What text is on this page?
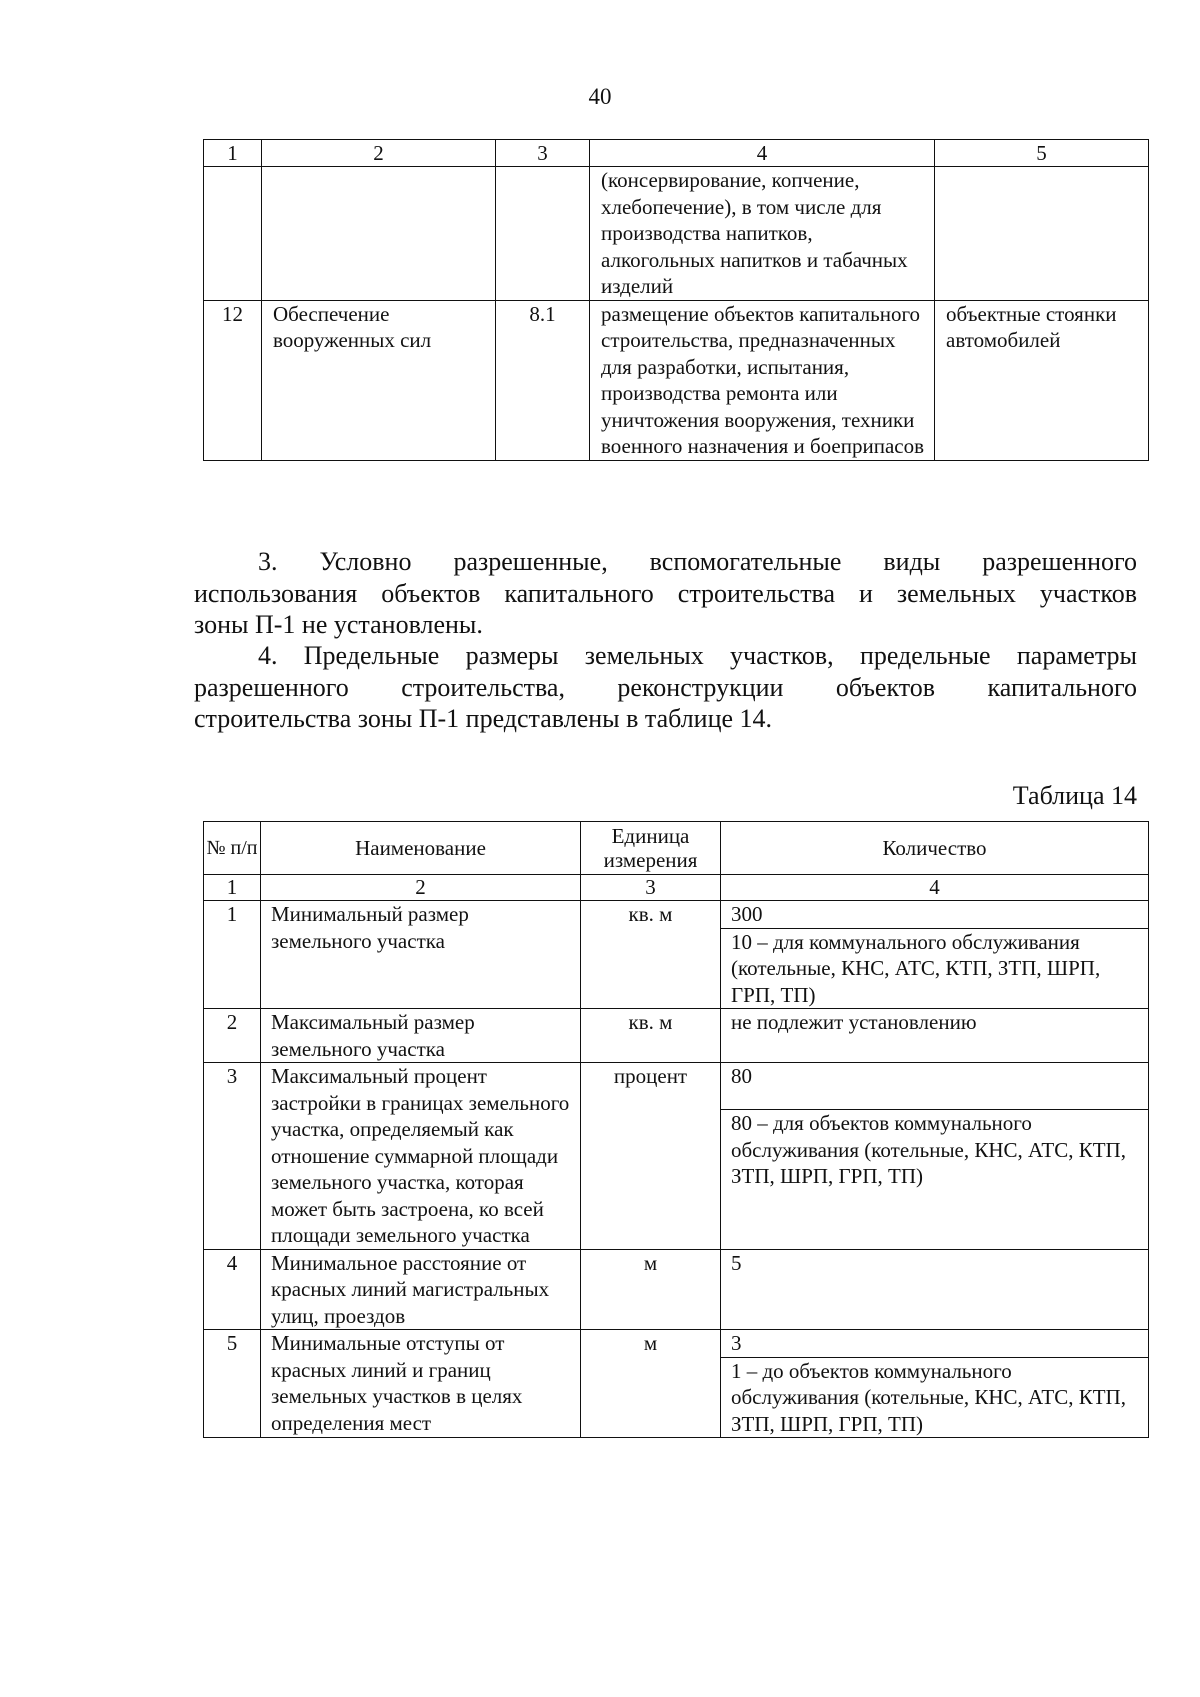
40
1	2	3	4	5
			(консервирование, копчение, хлебопечение), в том числе для производства напитков, алкогольных напитков и табачных изделий	
12	Обеспечение вооруженных сил	8.1	размещение объектов капитального строительства, предназначенных для разработки, испытания, производства ремонта или уничтожения вооружения, техники военного назначения и боеприпасов	объектные стоянки автомобилей
3. Условно разрешенные, вспомогательные виды разрешенного
использования объектов капитального строительства и земельных участков
зоны П-1 не установлены.
4. Предельные размеры земельных участков, предельные параметры
разрешенного строительства, реконструкции объектов капитального
строительства зоны П-1 представлены в таблице 14.
Таблица 14
№ п/п	Наименование	Единица измерения	Количество
1	2	3	4
1	Минимальный размер земельного участка	кв. м	300
			10 – для коммунального обслуживания (котельные, КНС, АТС, КТП, ЗТП, ШРП, ГРП, ТП)
2	Максимальный размер земельного участка	кв. м	не подлежит установлению
3	Максимальный процент застройки в границах земельного участка, определяемый как отношение суммарной площади земельного участка, которая может быть застроена, ко всей площади земельного участка	процент	80
			80 – для объектов коммунального обслуживания (котельные, КНС, АТС, КТП, ЗТП, ШРП, ГРП, ТП)
4	Минимальное расстояние от красных линий магистральных улиц, проездов	м	5
5	Минимальные отступы от красных линий и границ земельных участков в целях определения мест	м	3
			1 – до объектов коммунального обслуживания (котельные, КНС, АТС, КТП, ЗТП, ШРП, ГРП, ТП)
